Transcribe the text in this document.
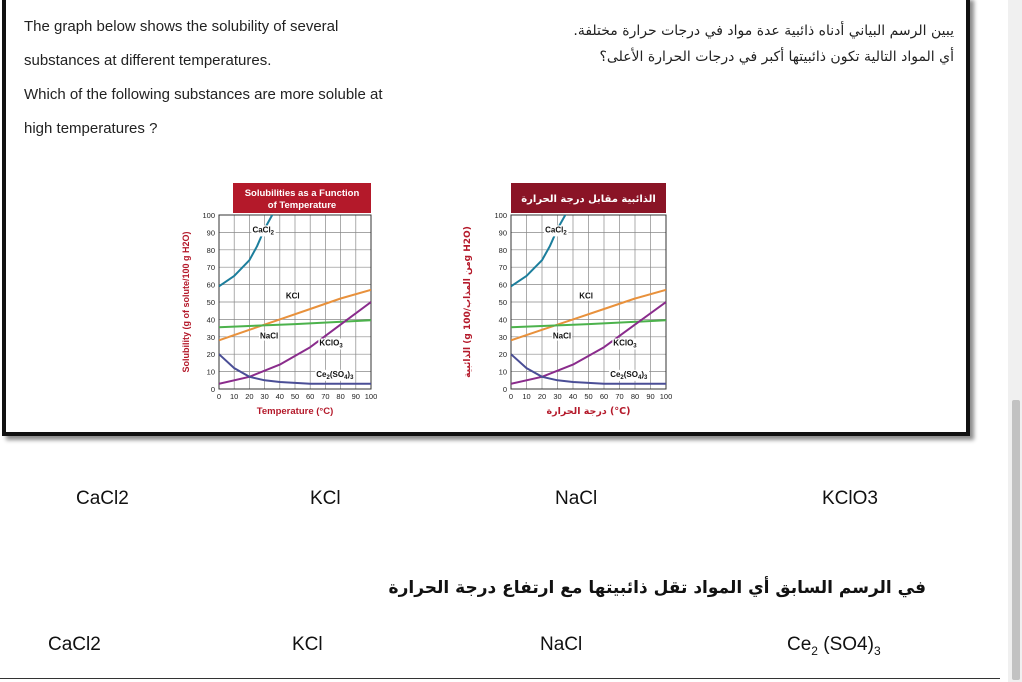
The graph below shows the solubility of several
substances at different temperatures.
Which of the following substances are more soluble at
high temperatures ?
يبين الرسم البياني أدناه ذائبية عدة مواد في درجات حرارة مختلفة.
أي المواد التالية تكون ذائبيتها أكبر في درجات الحرارة الأعلى؟
Solubilities as a Function
of Temperature
0 10 20 30 40 50 60 70 80 90 100
0
10
20
30
40
50
60
70
80
90
100
Temperature (°C)
Solubility (g of solute/100 g H2O)
CaCl$_2$
KCl
NaCl
KClO$_3$
$Ce_2(SO_4)_3$
الذائبية مقابل درجة الحرارة
0 10 20 30 40 50 60 70 80 90 100
0
10
20
30
40
50
60
70
80
90
100
درجة الحرارة (°C)
الذائبية (g من المذاب/100g H2O)	CaCl$_2$
KCl
NaCl
KClO$_3$
$Ce_2(SO_4)_3$
CaCl2	KCl	NaCl	KClO3
في الرسم السابق أي المواد تقل ذائبيتها مع ارتفاع درجة الحرارة
CaCl2	KCl	NaCl	$Ce_2$ $(SO4)_3$
